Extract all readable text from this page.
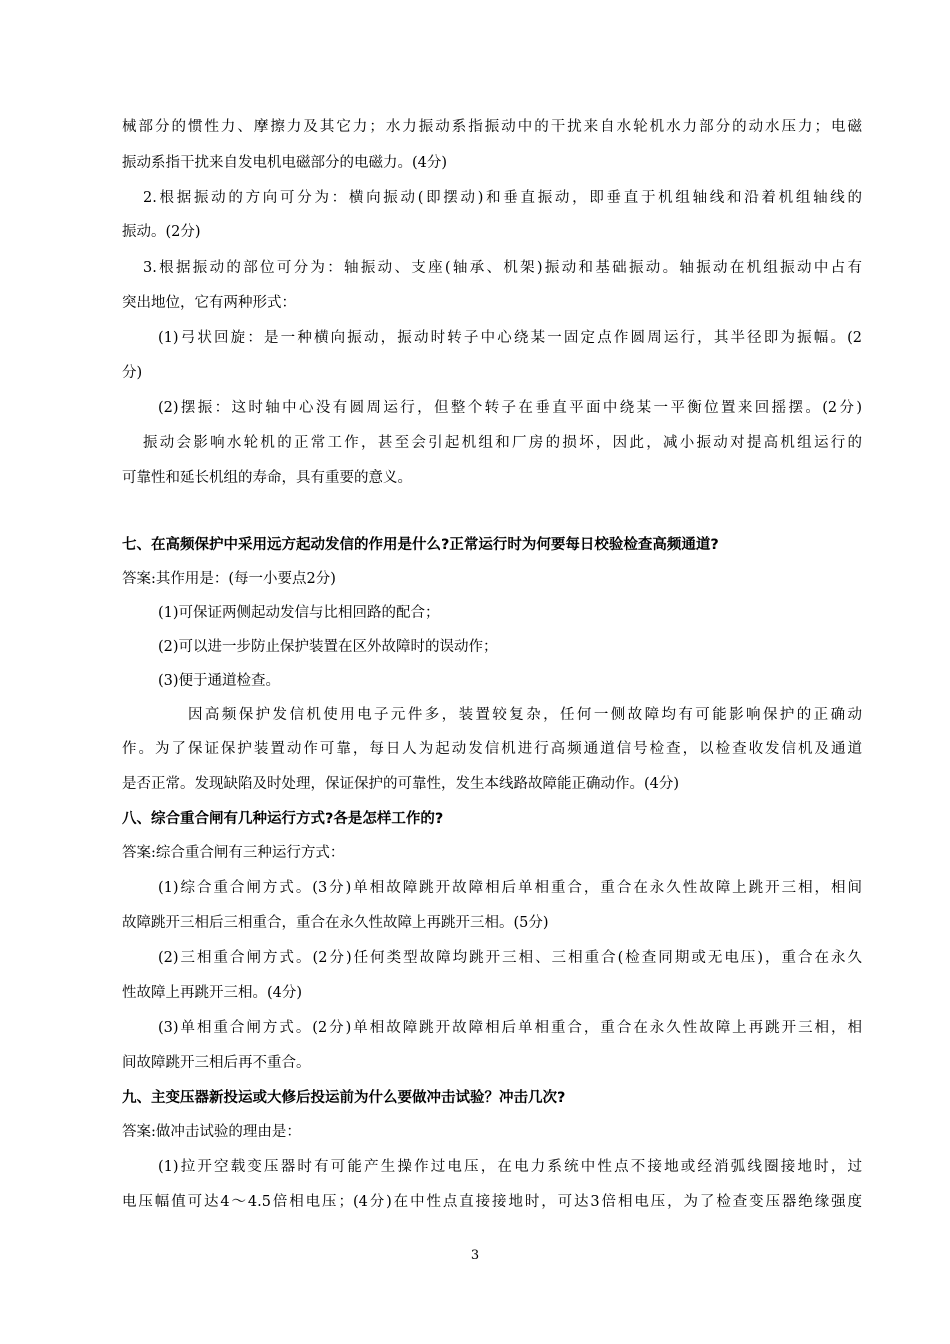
械部分的惯性力、摩擦力及其它力；水力振动系指振动中的干扰来自水轮机水力部分的动水压力；电磁
振动系指干扰来自发电机电磁部分的电磁力。(4分)
2.根据振动的方向可分为：横向振动(即摆动)和垂直振动，即垂直于机组轴线和沿着机组轴线的
振动。(2分)
3.根据振动的部位可分为：轴振动、支座(轴承、机架)振动和基础振动。轴振动在机组振动中占有
突出地位，它有两种形式：
(1)弓状回旋：是一种横向振动，振动时转子中心绕某一固定点作圆周运行，其半径即为振幅。(2
分)
(2)摆振：这时轴中心没有圆周运行，但整个转子在垂直平面中绕某一平衡位置来回摇摆。(2分)
振动会影响水轮机的正常工作，甚至会引起机组和厂房的损坏，因此，减小振动对提高机组运行的
可靠性和延长机组的寿命，具有重要的意义。
七、在高频保护中采用远方起动发信的作用是什么?正常运行时为何要每日校验检查高频通道?
答案:其作用是：(每一小要点2分)
(1)可保证两侧起动发信与比相回路的配合；
(2)可以进一步防止保护装置在区外故障时的误动作；
(3)便于通道检查。
因高频保护发信机使用电子元件多，装置较复杂，任何一侧故障均有可能影响保护的正确动
作。为了保证保护装置动作可靠，每日人为起动发信机进行高频通道信号检查，以检查收发信机及通道
是否正常。发现缺陷及时处理，保证保护的可靠性，发生本线路故障能正确动作。(4分)
八、综合重合闸有几种运行方式?各是怎样工作的?
答案:综合重合闸有三种运行方式：
(1)综合重合闸方式。(3分)单相故障跳开故障相后单相重合，重合在永久性故障上跳开三相，相间
故障跳开三相后三相重合，重合在永久性故障上再跳开三相。(5分)
(2)三相重合闸方式。(2分)任何类型故障均跳开三相、三相重合(检查同期或无电压)，重合在永久
性故障上再跳开三相。(4分)
(3)单相重合闸方式。(2分)单相故障跳开故障相后单相重合，重合在永久性故障上再跳开三相，相
间故障跳开三相后再不重合。
九、主变压器新投运或大修后投运前为什么要做冲击试验？冲击几次?
答案:做冲击试验的理由是：
(1)拉开空载变压器时有可能产生操作过电压，在电力系统中性点不接地或经消弧线圈接地时，过
电压幅值可达4～4.5倍相电压；(4分)在中性点直接接地时，可达3倍相电压，为了检查变压器绝缘强度
3
